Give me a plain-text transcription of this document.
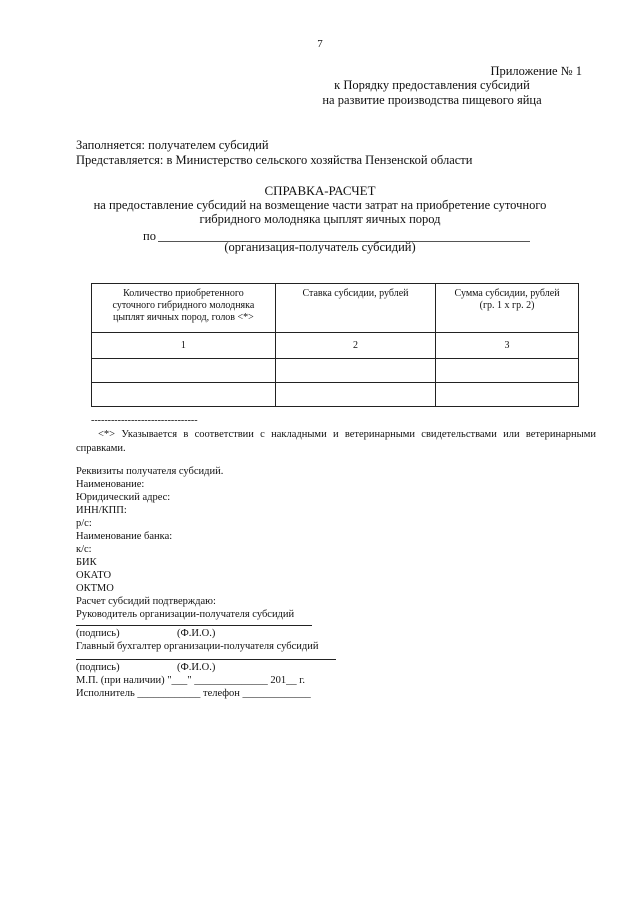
7
Приложение № 1
к Порядку предоставления субсидий
на развитие производства пищевого яйца
Заполняется: получателем субсидий
Представляется: в Министерство сельского хозяйства Пензенской области
СПРАВКА-РАСЧЕТ
на предоставление субсидий на возмещение части затрат на приобретение суточного
гибридного молодняка цыплят яичных пород
по
(организация-получатель субсидий)
Количество приобретенного суточного гибридного молодняка цыплят яичных пород, голов <*>	Ставка субсидии, рублей	Сумма субсидии, рублей (гр. 1 х гр. 2)

1	2	3

--------------------------------
<*> Указывается в соответствии с накладными и ветеринарными свидетельствами или ветеринарными справками.
Реквизиты получателя субсидий.
Наименование:
Юридический адрес:
ИНН/КПП:
р/с:
Наименование банка:
к/с:
БИК
ОКАТО
ОКТМО
Расчет субсидий подтверждаю:
Руководитель организации-получателя субсидий
(подпись)	(Ф.И.О.)
Главный бухгалтер организации-получателя субсидий
(подпись)	(Ф.И.О.)
М.П. (при наличии) "___" ______________ 201__ г.
Исполнитель ____________ телефон _____________
